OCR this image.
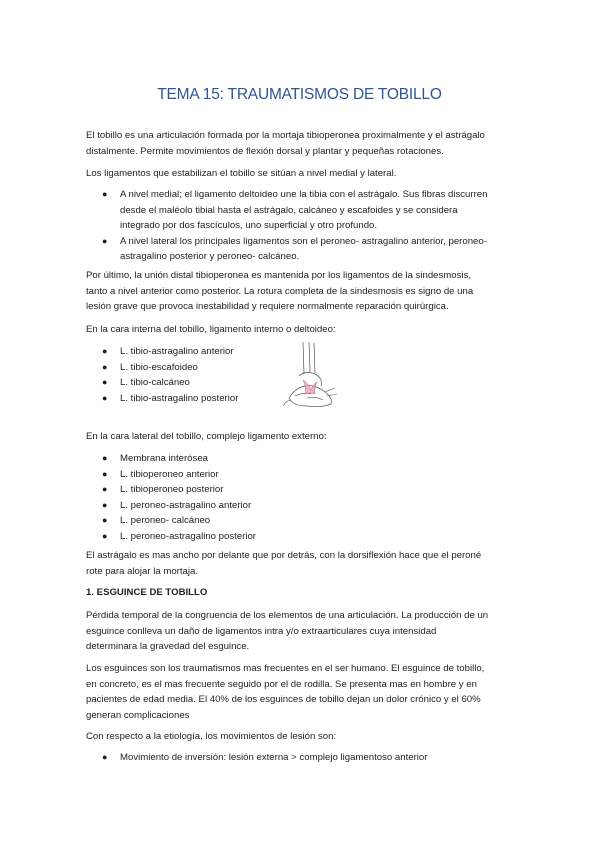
TEMA 15: TRAUMATISMOS DE TOBILLO

El tobillo es una articulación formada por la mortaja tibioperonea proximalmente y el astrágalo
distalmente. Permite movimientos de flexión dorsal y plantar y pequeñas rotaciones.

Los ligamentos que estabilizan el tobillo se sitúan a nivel medial y lateral.

● A nivel medial; el ligamento deltoideo une la tibia con el astrágalo. Sus fibras discurren
desde el maléolo tibial hasta el astrágalo, calcáneo y escafoides y se considera
integrado por dos fascículos, uno superficial y otro profundo.
● A nivel lateral los principales ligamentos son el peroneo- astragalino anterior, peroneo-
astragalino posterior y peroneo- calcáneo.

Por último, la unión distal tibioperonea es mantenida por los ligamentos de la sindesmosis,
tanto a nivel anterior como posterior. La rotura completa de la sindesmosis es signo de una
lesión grave que provoca inestabilidad y requiere normalmente reparación quirúrgica.

En la cara interna del tobillo, ligamento interno o deltoideo:

● L. tibio-astragalino anterior
● L. tibio-escafoideo
● L. tibio-calcáneo
● L. tibio-astragalino posterior

En la cara lateral del tobillo, complejo ligamento externo:

● Membrana interósea
● L. tibioperoneo anterior
● L. tibioperoneo posterior
● L. peroneo-astragalino anterior
● L. peroneo- calcáneo
● L. peroneo-astragalino posterior

El astrágalo es mas ancho por delante que por detrás, con la dorsiflexión hace que el peroné
rote para alojar la mortaja.

1. ESGUINCE DE TOBILLO

Pérdida temporal de la congruencia de los elementos de una articulación. La producción de un
esguince conlleva un daño de ligamentos intra y/o extraarticulares cuya intensidad
determinara la gravedad del esguince.

Los esguinces son los traumatismos mas frecuentes en el ser humano. El esguince de tobillo,
en concreto, es el mas frecuente seguido por el de rodilla. Se presenta mas en hombre y en
pacientes de edad media. El 40% de los esguinces de tobillo dejan un dolor crónico y el 60%
generan complicaciones

Con respecto a la etiología, los movimientos de lesión son:

● Movimiento de inversión: lesión externa > complejo ligamentoso anterior
